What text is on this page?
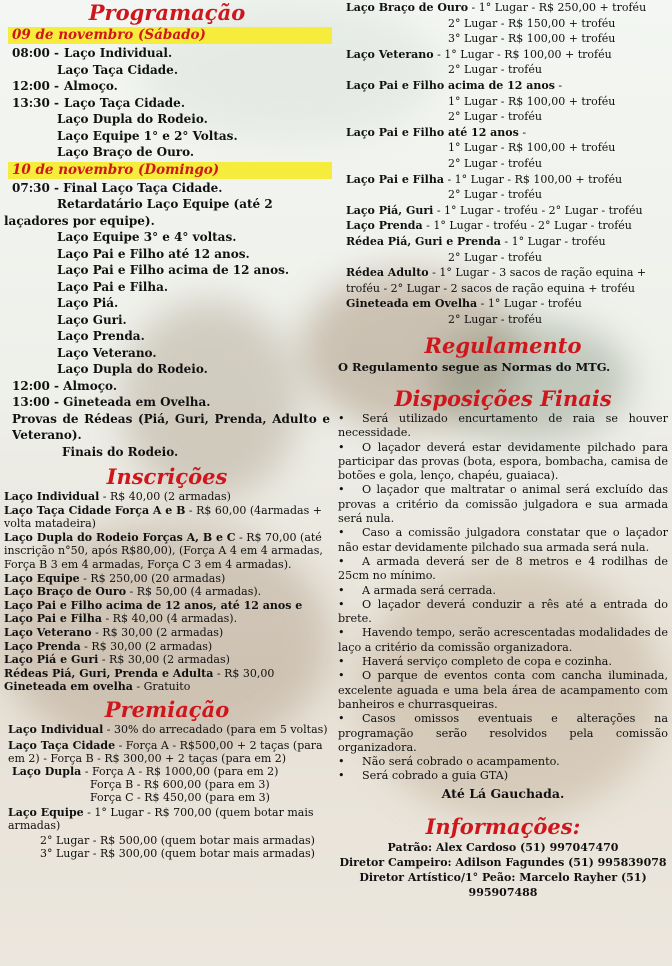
Programação
09 de novembro (Sábado)
08:00 - Laço Individual.
Laço Taça Cidade.
12:00 - Almoço.
13:30 - Laço Taça Cidade.
Laço Dupla do Rodeio.
Laço Equipe 1° e 2° Voltas.
Laço Braço de Ouro.
10 de novembro (Domingo)
07:30 - Final Laço Taça Cidade.
Retardatário Laço Equipe (até 2 laçadores por equipe).
Laço Equipe 3° e 4° voltas.
Laço Pai e Filho até 12 anos.
Laço Pai e Filho acima de 12 anos.
Laço Pai e Filha.
Laço Piá.
Laço Guri.
Laço Prenda.
Laço Veterano.
Laço Dupla do Rodeio.
12:00 - Almoço.
13:00 - Gineteada em Ovelha.
Provas de Rédeas (Piá, Guri, Prenda, Adulto e Veterano).
Finais do Rodeio.
Inscrições
Laço Individual - R$ 40,00 (2 armadas)
Laço Taça Cidade Força A e B - R$ 60,00 (4armadas + volta matadeira)
Laço Dupla do Rodeio Forças A, B e C - R$ 70,00 (até inscrição n°50, após R$80,00), (Força A 4 em 4 armadas, Força B 3 em 4 armadas, Força C 3 em 4 armadas).
Laço Equipe - R$ 250,00 (20 armadas)
Laço Braço de Ouro - R$ 50,00 (4 armadas).
Laço Pai e Filho acima de 12 anos, até 12 anos e Laço Pai e Filha - R$ 40,00 (4 armadas).
Laço Veterano - R$ 30,00 (2 armadas)
Laço Prenda - R$ 30,00 (2 armadas)
Laço Piá e Guri - R$ 30,00 (2 armadas)
Rédeas Piá, Guri, Prenda e Adulta - R$ 30,00
Gineteada em ovelha - Gratuito
Premiação
Laço Individual - 30% do arrecadado (para em 5 voltas)
Laço Taça Cidade - Força A - R$500,00 + 2 taças (para em 2) - Força B - R$ 300,00 + 2 taças (para em 2)
Laço Dupla - Força A - R$ 1000,00 (para em 2)
Força B - R$ 600,00 (para em 3)
Força C - R$ 450,00 (para em 3)
Laço Equipe - 1° Lugar - R$ 700,00 (quem botar mais armadas)
2° Lugar - R$ 500,00 (quem botar mais armadas)
3° Lugar - R$ 300,00 (quem botar mais armadas)
Laço Braço de Ouro - 1° Lugar - R$ 250,00 + troféu
2° Lugar - R$ 150,00 + troféu
3° Lugar - R$ 100,00 + troféu
Laço Veterano - 1° Lugar - R$ 100,00 + troféu
2° Lugar - troféu
Laço Pai e Filho acima de 12 anos -
1° Lugar - R$ 100,00 + troféu
2° Lugar - troféu
Laço Pai e Filho até 12 anos -
1° Lugar - R$ 100,00 + troféu
2° Lugar - troféu
Laço Pai e Filha - 1° Lugar - R$ 100,00 + troféu
2° Lugar - troféu
Laço Piá, Guri - 1° Lugar - troféu - 2° Lugar - troféu
Laço Prenda - 1° Lugar - troféu - 2° Lugar - troféu
Rédea Piá, Guri e Prenda - 1° Lugar - troféu
2° Lugar - troféu
Rédea Adulto - 1° Lugar - 3 sacos de ração equina + troféu - 2° Lugar - 2 sacos de ração equina + troféu
Gineteada em Ovelha - 1° Lugar - troféu
2° Lugar - troféu
Regulamento
O Regulamento segue as Normas do MTG.
Disposições Finais
• Será utilizado encurtamento de raia se houver necessidade.
• O laçador deverá estar devidamente pilchado para participar das provas (bota, espora, bombacha, camisa de botões e gola, lenço, chapéu, guaiaca).
• O laçador que maltratar o animal será excluído das provas a critério da comissão julgadora e sua armada será nula.
• Caso a comissão julgadora constatar que o laçador não estar devidamente pilchado sua armada será nula.
• A armada deverá ser de 8 metros e 4 rodilhas de 25cm no mínimo.
• A armada será cerrada.
• O laçador deverá conduzir a rês até a entrada do brete.
• Havendo tempo, serão acrescentadas modalidades de laço a critério da comissão organizadora.
• Haverá serviço completo de copa e cozinha.
• O parque de eventos conta com cancha iluminada, excelente aguada e uma bela área de acampamento com banheiros e churrasqueiras.
• Casos omissos eventuais e alterações na programação serão resolvidos pela comissão organizadora.
• Não será cobrado o acampamento.
• Será cobrado a guia GTA)
Até Lá Gauchada.
Informações:
Patrão: Alex Cardoso (51) 997047470
Diretor Campeiro: Adilson Fagundes (51) 995839078
Diretor Artístico/1° Peão: Marcelo Rayher (51) 995907488
